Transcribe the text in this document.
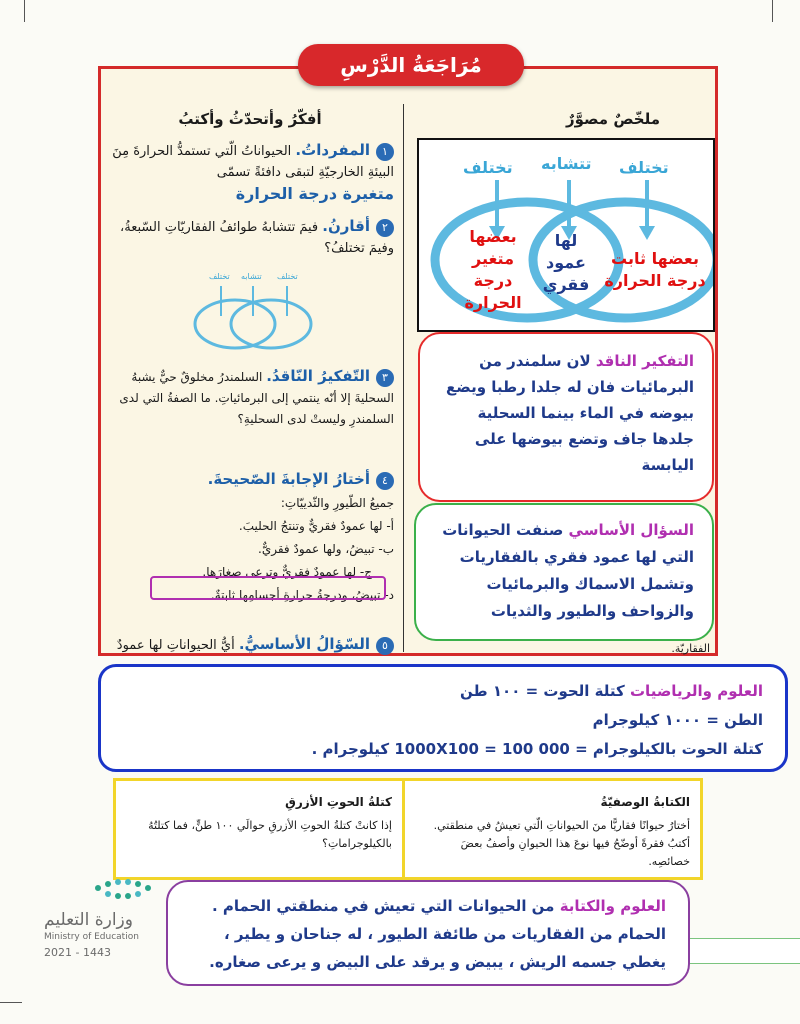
مُرَاجَعَةُ الدَّرْسِ
ملخّصٌ مصوَّرٌ
أفكّرُ وأتحدّثُ وأكتبُ
تختلف تتشابه تختلف
بعضها متغير درجة الحرارة
لها عمود فقري
بعضها ثابت درجة الحرارة
١المفرداتُ. الحيواناتُ الّتي تستمدُّ الحرارةَ مِنَ البيئةِ الخارجيّةِ لتبقى دافئةً تسمّى
متغيرة درجة الحرارة
٢أقارنُ. فيمَ تتشابهُ طوائفُ الفقاريّاتِ السّبعةُ، وفيمَ تختلفُ؟
تختلف تتشابه تختلف
٣التّفكيرُ النّاقدُ. السلمندرُ مخلوقٌ حيٌّ يشبهُ السحليةَ إلا أنّه ينتمي إلى البرمائياتِ. ما الصفةُ التي لدى السلمندرِ وليستْ لدى السحليةِ؟
٤أختارُ الإجابةَ الصّحيحةَ.
جميعُ الطّيورِ والثّدييّاتِ:
أ- لها عمودٌ فقريٌّ وتنتجُ الحليبَ.
ب- تبيضُ، ولها عمودٌ فقريٌّ.
ج- لها عمودٌ فقريٌّ وترعى صغارَها.
د- تبيضُ، ودرجةُ حرارةِ أجسامِها ثابتةٌ.
٥السّؤالُ الأساسيُّ. أيُّ الحيواناتِ لها عمودٌ	الفقاريّة.
التفكير الناقد لان سلمندر من البرمائيات فان له جلدا رطبا ويضع بيوضه في الماء بينما السحلية جلدها جاف وتضع بيوضها على اليابسة
السؤال الأساسي صنفت الحيوانات التي لها عمود فقري بالفقاريات وتشمل الاسماك والبرمائيات والزواحف والطيور والثديات
العلوم والرياضيات كتلة الحوت = ١٠٠ طن
الطن = ١٠٠٠ كيلوجرام
كتلة الحوت بالكيلوجرام = 1000X100 = 100 000 كيلوجرام .
الكتابةُ الوصفيّةُ
أختارُ حيوانًا فقاريًّا منَ الحيواناتِ الّتي تعيشُ في منطقتي. أكتبُ فقرةً أوضّحُ فيها نوعَ هذا الحيوانِ وأصفُ بعضَ خصائصِه.
كتلةُ الحوتِ الأزرقِ
إذا كانتْ كتلةُ الحوتِ الأزرقِ حوالَي ١٠٠ طنٍّ، فما كتلتُهُ بالكيلوجراماتِ؟
وزارة التعليم
Ministry of Education
2021 - 1443
العلوم والكتابة من الحيوانات التي تعيش في منطقتي الحمام . الحمام من الفقاريات من طائفة الطيور ، له جناحان و يطير ، يغطي جسمه الريش ، يبيض و يرقد على البيض و يرعى صغاره.
